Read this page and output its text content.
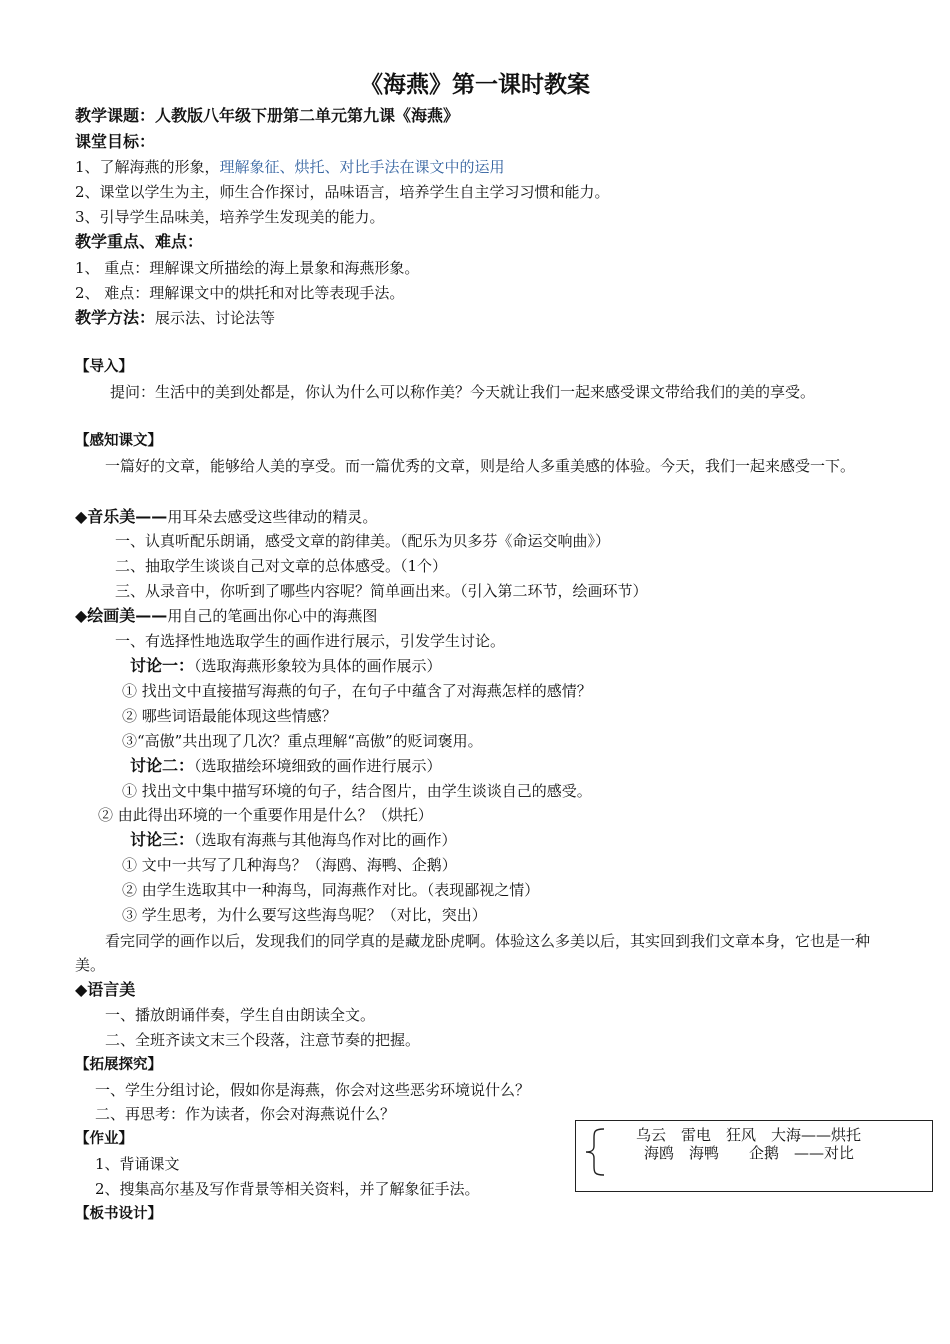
《海燕》第一课时教案
教学课题：人教版八年级下册第二单元第九课《海燕》
课堂目标：
1、了解海燕的形象，理解象征、烘托、对比手法在课文中的运用
2、课堂以学生为主，师生合作探讨，品味语言，培养学生自主学习习惯和能力。
3、引导学生品味美，培养学生发现美的能力。
教学重点、难点：
1、 重点：理解课文所描绘的海上景象和海燕形象。
2、 难点：理解课文中的烘托和对比等表现手法。
教学方法：展示法、讨论法等
【导入】
提问：生活中的美到处都是，你认为什么可以称作美？今天就让我们一起来感受课文带给我们的美的享受。
【感知课文】
一篇好的文章，能够给人美的享受。而一篇优秀的文章，则是给人多重美感的体验。今天，我们一起来感受一下。
◆音乐美——用耳朵去感受这些律动的精灵。
一、认真听配乐朗诵，感受文章的韵律美。（配乐为贝多芬《命运交响曲》）
二、抽取学生谈谈自己对文章的总体感受。（1个）
三、从录音中，你听到了哪些内容呢？简单画出来。（引入第二环节，绘画环节）
◆绘画美——用自己的笔画出你心中的海燕图
一、有选择性地选取学生的画作进行展示，引发学生讨论。
讨论一：（选取海燕形象较为具体的画作展示）
① 找出文中直接描写海燕的句子，在句子中蕴含了对海燕怎样的感情？
② 哪些词语最能体现这些情感？
③“高傲”共出现了几次？重点理解“高傲”的贬词褒用。
讨论二：（选取描绘环境细致的画作进行展示）
① 找出文中集中描写环境的句子，结合图片，由学生谈谈自己的感受。
② 由此得出环境的一个重要作用是什么？（烘托）
讨论三：（选取有海燕与其他海鸟作对比的画作）
① 文中一共写了几种海鸟？（海鸥、海鸭、企鹅）
② 由学生选取其中一种海鸟，同海燕作对比。（表现鄙视之情）
③ 学生思考，为什么要写这些海鸟呢？（对比，突出）
看完同学的画作以后，发现我们的同学真的是藏龙卧虎啊。体验这么多美以后，其实回到我们文章本身，它也是一种美。
◆语言美
一、播放朗诵伴奏，学生自由朗读全文。
二、全班齐读文末三个段落，注意节奏的把握。
【拓展探究】
一、学生分组讨论，假如你是海燕，你会对这些恶劣环境说什么？
二、再思考：作为读者，你会对海燕说什么？
【作业】
1、背诵课文
2、搜集高尔基及写作背景等相关资料，并了解象征手法。
【板书设计】
乌云　雷电　狂风　大海——烘托
海鸥　海鸭　　企鹅　——对比
